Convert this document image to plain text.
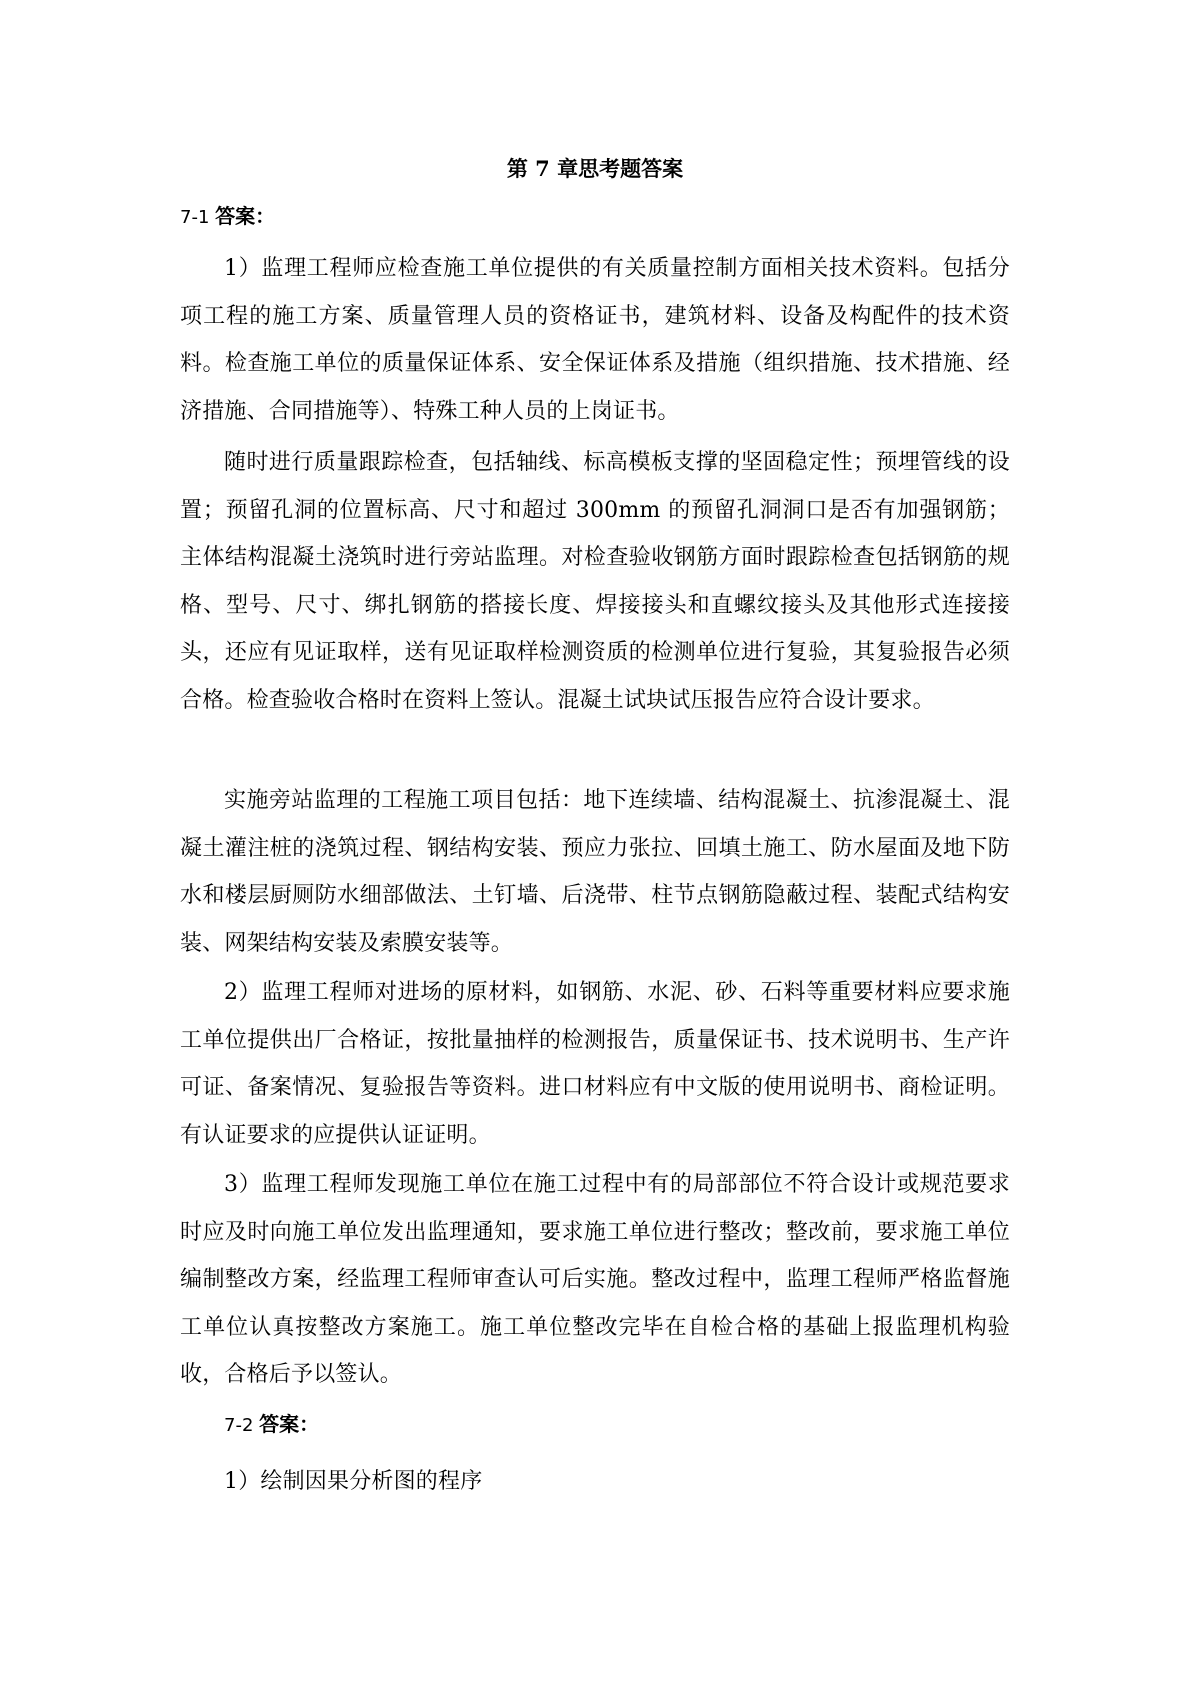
第 7 章思考题答案
7-1 答案：

1）监理工程师应检查施工单位提供的有关质量控制方面相关技术资料。包括分项工程的施工方案、质量管理人员的资格证书，建筑材料、设备及构配件的技术资料。检查施工单位的质量保证体系、安全保证体系及措施（组织措施、技术措施、经济措施、合同措施等）、特殊工种人员的上岗证书。

随时进行质量跟踪检查，包括轴线、标高模板支撑的坚固稳定性；预埋管线的设置；预留孔洞的位置标高、尺寸和超过 300mm 的预留孔洞洞口是否有加强钢筋；主体结构混凝土浇筑时进行旁站监理。对检查验收钢筋方面时跟踪检查包括钢筋的规格、型号、尺寸、绑扎钢筋的搭接长度、焊接接头和直螺纹接头及其他形式连接接头，还应有见证取样，送有见证取样检测资质的检测单位进行复验，其复验报告必须合格。检查验收合格时在资料上签认。混凝土试块试压报告应符合设计要求。

实施旁站监理的工程施工项目包括：地下连续墙、结构混凝土、抗渗混凝土、混凝土灌注桩的浇筑过程、钢结构安装、预应力张拉、回填土施工、防水屋面及地下防水和楼层厨厕防水细部做法、土钉墙、后浇带、柱节点钢筋隐蔽过程、装配式结构安装、网架结构安装及索膜安装等。

2）监理工程师对进场的原材料，如钢筋、水泥、砂、石料等重要材料应要求施工单位提供出厂合格证，按批量抽样的检测报告，质量保证书、技术说明书、生产许可证、备案情况、复验报告等资料。进口材料应有中文版的使用说明书、商检证明。有认证要求的应提供认证证明。

3）监理工程师发现施工单位在施工过程中有的局部部位不符合设计或规范要求时应及时向施工单位发出监理通知，要求施工单位进行整改；整改前，要求施工单位编制整改方案，经监理工程师审查认可后实施。整改过程中，监理工程师严格监督施工单位认真按整改方案施工。施工单位整改完毕在自检合格的基础上报监理机构验收，合格后予以签认。

7-2 答案：

1）绘制因果分析图的程序
